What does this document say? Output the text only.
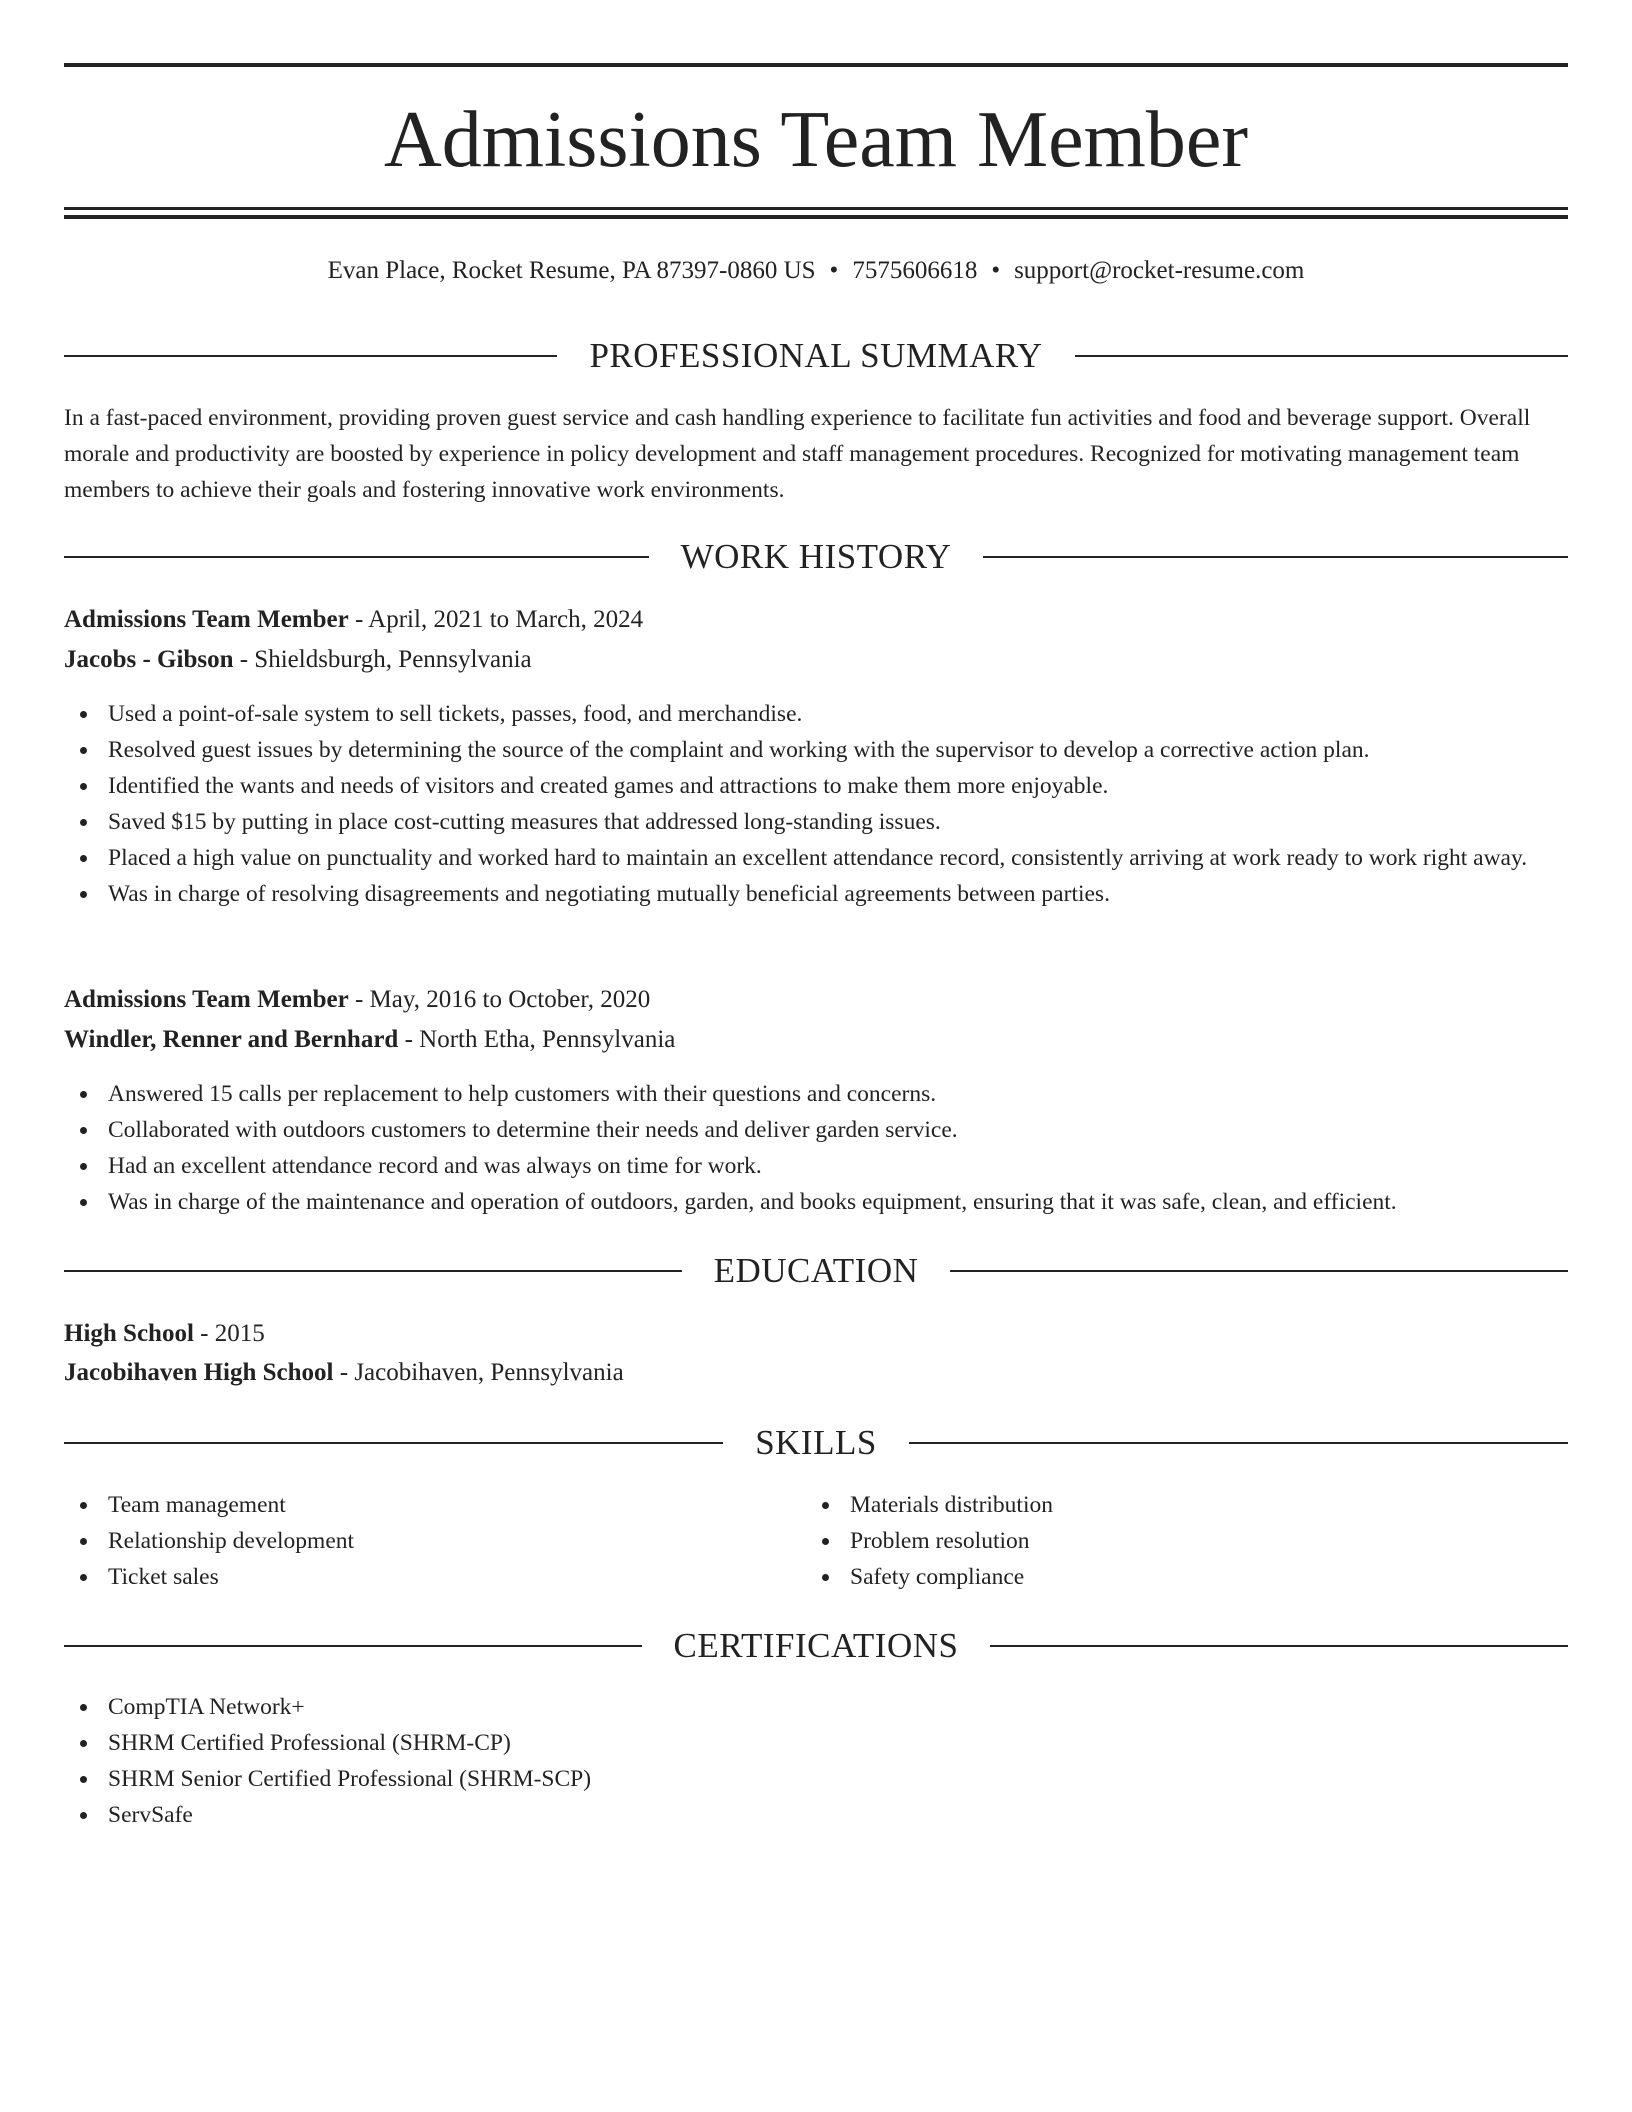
Admissions Team Member
Evan Place, Rocket Resume, PA 87397-0860 US • 7575606618 • support@rocket-resume.com
PROFESSIONAL SUMMARY

In a fast-paced environment, providing proven guest service and cash handling experience to facilitate fun activities and food and beverage support. Overall morale and productivity are boosted by experience in policy development and staff management procedures. Recognized for motivating management team members to achieve their goals and fostering innovative work environments.

WORK HISTORY
Admissions Team Member - April, 2021 to March, 2024
Jacobs - Gibson - Shieldsburgh, Pennsylvania
Used a point-of-sale system to sell tickets, passes, food, and merchandise.
Resolved guest issues by determining the source of the complaint and working with the supervisor to develop a corrective action plan.
Identified the wants and needs of visitors and created games and attractions to make them more enjoyable.
Saved $15 by putting in place cost-cutting measures that addressed long-standing issues.
Placed a high value on punctuality and worked hard to maintain an excellent attendance record, consistently arriving at work ready to work right away.
Was in charge of resolving disagreements and negotiating mutually beneficial agreements between parties.
Admissions Team Member - May, 2016 to October, 2020
Windler, Renner and Bernhard - North Etha, Pennsylvania
Answered 15 calls per replacement to help customers with their questions and concerns.
Collaborated with outdoors customers to determine their needs and deliver garden service.
Had an excellent attendance record and was always on time for work.
Was in charge of the maintenance and operation of outdoors, garden, and books equipment, ensuring that it was safe, clean, and efficient.
EDUCATION
High School - 2015
Jacobihaven High School - Jacobihaven, Pennsylvania
SKILLS
Team management
Relationship development
Ticket sales
Materials distribution
Problem resolution
Safety compliance
CERTIFICATIONS
CompTIA Network+
SHRM Certified Professional (SHRM-CP)
SHRM Senior Certified Professional (SHRM-SCP)
ServSafe
